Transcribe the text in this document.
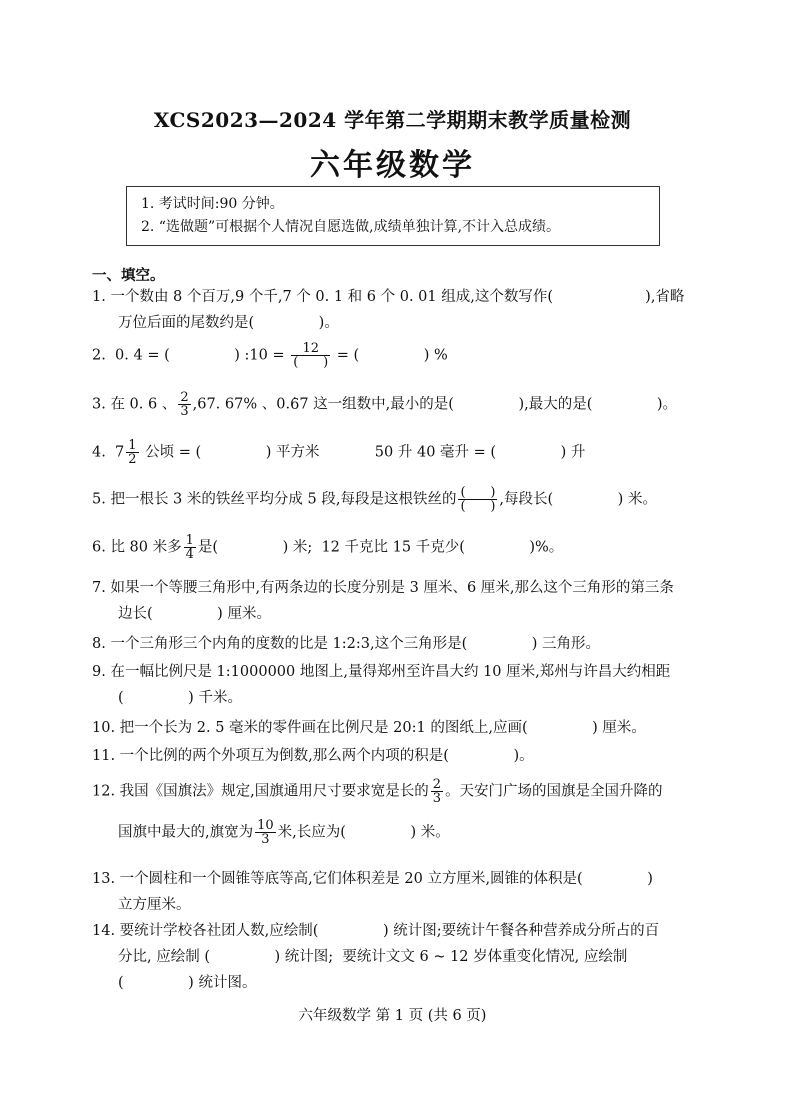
XCS2023—2024 学年第二学期期末教学质量检测
六年级数学
1. 考试时间:90 分钟。
2. “选做题”可根据个人情况自愿选做,成绩单独计算,不计入总成绩。
一、填空。
1. 一个数由 8 个百万,9 个千,7 个 0. 1 和 6 个 0. 01 组成,这个数写作(                    ),省略
万位后面的尾数约是(              )。
2.  0. 4 = (              ) :10 = $\frac{12}{( )}$ = (              ) %
3. 在 0. 6 、 $\frac{2}{3} ,67$. 67% 、0.· 67 这一组数中,最小的是(              ),最大的是(              )。
4.  $7 \frac{1}{2}$ 公顷 = (              ) 平方米            50 升 40 毫升 = (              ) 升
5. 把一根长 3 米的铁丝平均分成 5 段,每段是这根铁丝的 $\frac{( )}{( )}$ ,每段长(              ) 米。
6. 比 80 米多 $\frac{1}{4}$ 是(              ) 米;  12 千克比 15 千克少(              )%。
7. 如果一个等腰三角形中,有两条边的长度分别是 3 厘米、6 厘米,那么这个三角形的第三条
边长(              ) 厘米。
8. 一个三角形三个内角的度数的比是 1:2:3,这个三角形是(              ) 三角形。
9. 在一幅比例尺是 1:1000000 地图上,量得郑州至许昌大约 10 厘米,郑州与许昌大约相距
(              ) 千米。
10. 把一个长为 2. 5 毫米的零件画在比例尺是 20:1 的图纸上,应画(              ) 厘米。
11. 一个比例的两个外项互为倒数,那么两个内项的积是(              )。
12. 我国《国旗法》规定,国旗通用尺寸要求宽是长的 $\frac{2}{3}$ 。天安门广场的国旗是全国升降的
国旗中最大的,旗宽为 $\frac{10}{3}$ 米,长应为(              ) 米。
13. 一个圆柱和一个圆锥等底等高,它们体积差是 20 立方厘米,圆锥的体积是(              )
立方厘米。
14. 要统计学校各社团人数,应绘制(              ) 统计图;要统计午餐各种营养成分所占的百
分比, 应绘制 (              ) 统计图;  要统计文文 6 ~ 12 岁体重变化情况, 应绘制
(              ) 统计图。
六年级数学 第 1 页 (共 6 页)
